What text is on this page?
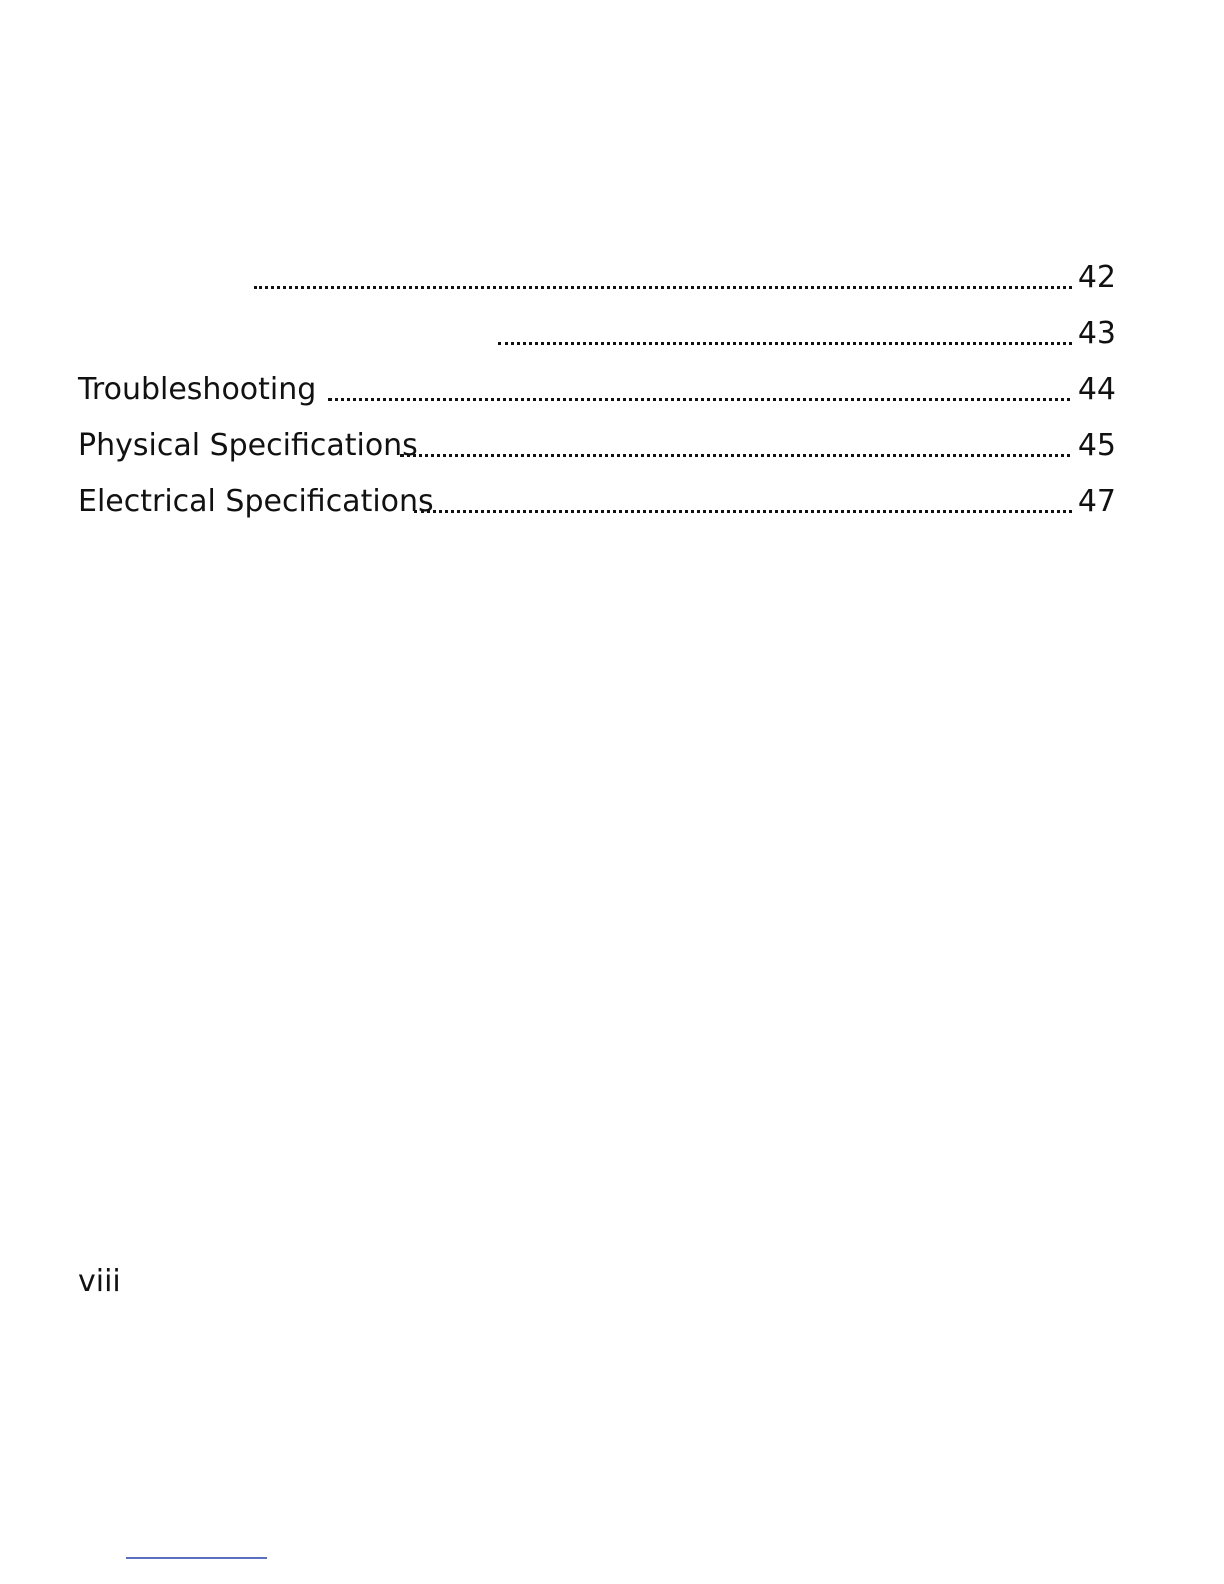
42
43
Troubleshooting	44
Physical Specifications	45
Electrical Specifications	47
viii
